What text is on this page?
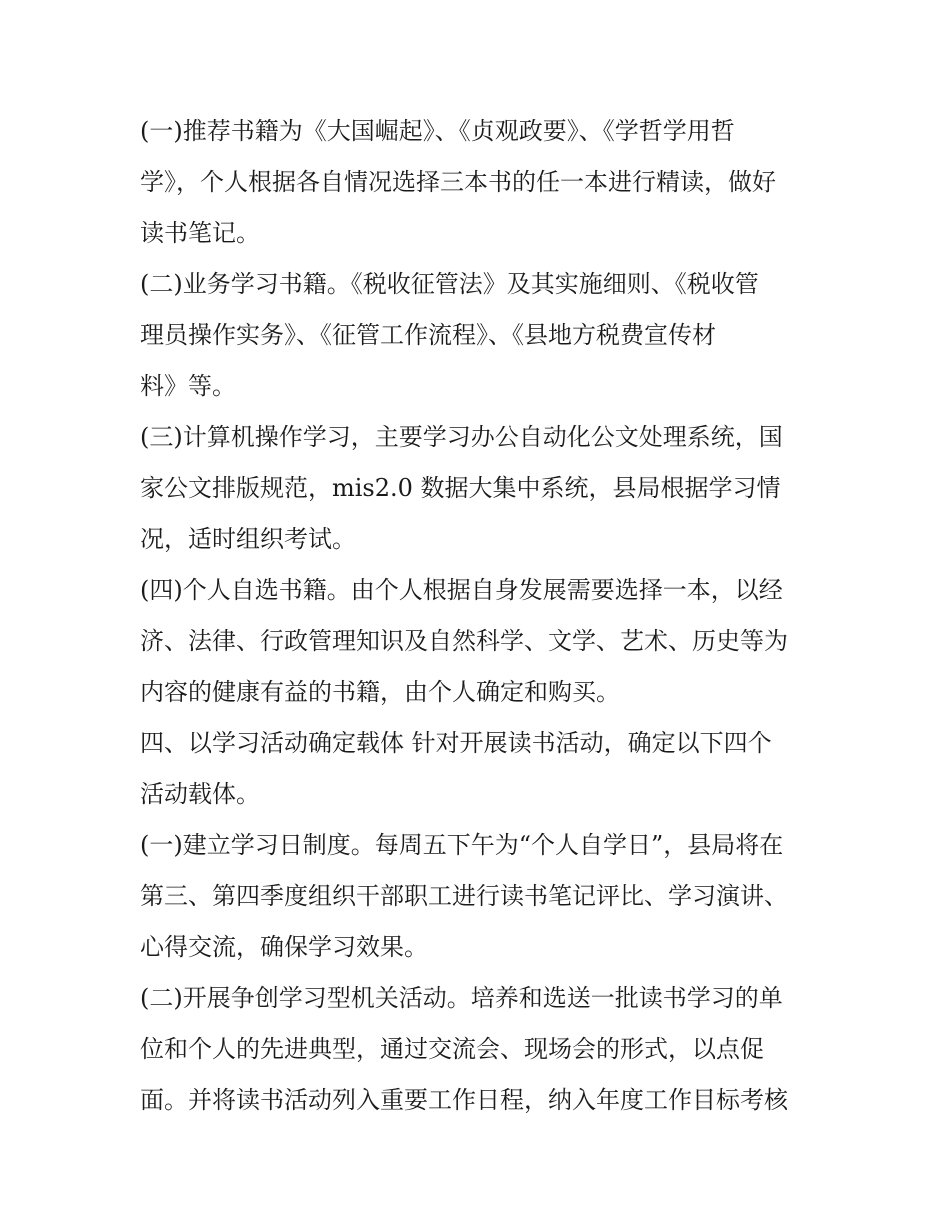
(一)推荐书籍为《大国崛起》、《贞观政要》、《学哲学用哲
学》，个人根据各自情况选择三本书的任一本进行精读，做好
读书笔记。

(二)业务学习书籍。《税收征管法》及其实施细则、《税收管
理员操作实务》、《征管工作流程》、《县地方税费宣传材
料》等。

(三)计算机操作学习，主要学习办公自动化公文处理系统，国
家公文排版规范，mis2.0 数据大集中系统，县局根据学习情
况，适时组织考试。

(四)个人自选书籍。由个人根据自身发展需要选择一本，以经
济、法律、行政管理知识及自然科学、文学、艺术、历史等为
内容的健康有益的书籍，由个人确定和购买。

四、以学习活动确定载体 针对开展读书活动，确定以下四个
活动载体。

(一)建立学习日制度。每周五下午为“个人自学日”，县局将在
第三、第四季度组织干部职工进行读书笔记评比、学习演讲、
心得交流，确保学习效果。

(二)开展争创学习型机关活动。培养和选送一批读书学习的单
位和个人的先进典型，通过交流会、现场会的形式，以点促
面。并将读书活动列入重要工作日程，纳入年度工作目标考核
